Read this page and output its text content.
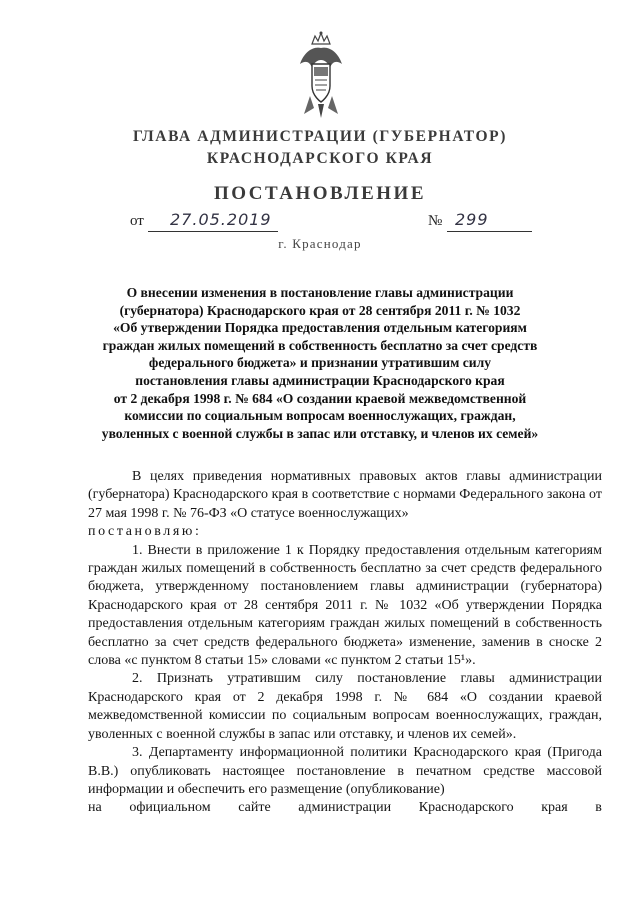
ГЛАВА АДМИНИСТРАЦИИ (ГУБЕРНАТОР)
КРАСНОДАРСКОГО КРАЯ
ПОСТАНОВЛЕНИЕ
от 27.05.2019	№ 299
г. Краснодар
О внесении изменения в постановление главы администрации
(губернатора) Краснодарского края от 28 сентября 2011 г. № 1032
«Об утверждении Порядка предоставления отдельным категориям
граждан жилых помещений в собственность бесплатно за счет средств
федерального бюджета» и признании утратившим силу
постановления главы администрации Краснодарского края
от 2 декабря 1998 г. № 684 «О создании краевой межведомственной
комиссии по социальным вопросам военнослужащих, граждан,
уволенных с военной службы в запас или отставку, и членов их семей»

В целях приведения нормативных правовых актов главы администрации (губернатора) Краснодарского края в соответствие с нормами Федерального закона от 27 мая 1998 г. № 76-ФЗ «О статусе военнослужащих»

постановляю:

1. Внести в приложение 1 к Порядку предоставления отдельным категориям граждан жилых помещений в собственность бесплатно за счет средств федерального бюджета, утвержденному постановлением главы администрации (губернатора) Краснодарского края от 28 сентября 2011 г. № 1032 «Об утверждении Порядка предоставления отдельным категориям граждан жилых помещений в собственность бесплатно за счет средств федерального бюджета» изменение, заменив в сноске 2 слова «с пунктом 8 статьи 15» словами «с пунктом 2 статьи 15¹».

2. Признать утратившим силу постановление главы администрации Краснодарского края от 2 декабря 1998 г. № 684 «О создании краевой межведомственной комиссии по социальным вопросам военнослужащих, граждан, уволенных с военной службы в запас или отставку, и членов их семей».

3. Департаменту информационной политики Краснодарского края (Пригода В.В.) опубликовать настоящее постановление в печатном средстве массовой информации и обеспечить его размещение (опубликование)

на официальном сайте администрации Краснодарского края в
